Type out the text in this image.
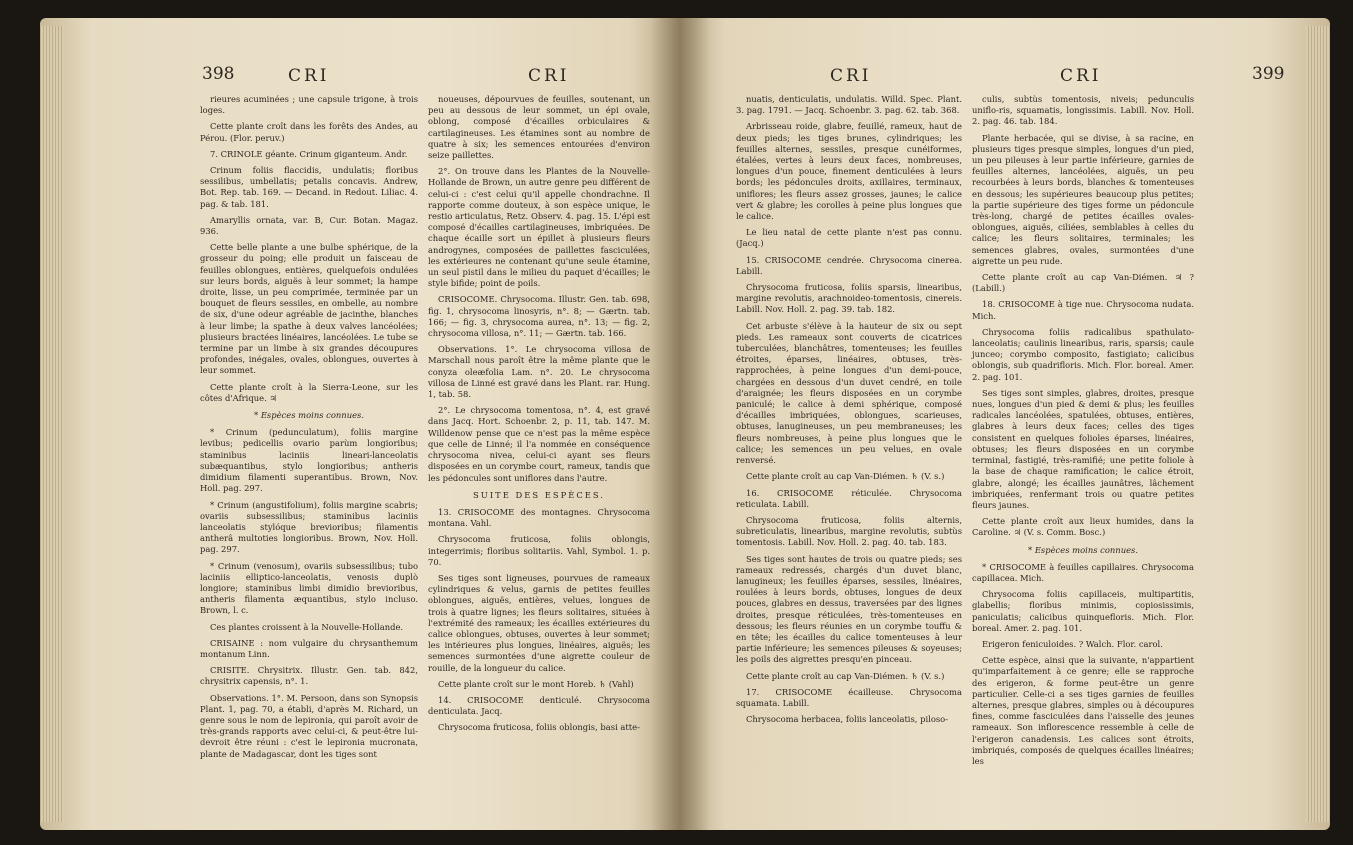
398	CRI	CRI

rieures acuminées ; une capsule trigone, à trois loges.

Cette plante croît dans les forêts des Andes, au Pérou. (Flor. peruv.)

7. CRINOLE géante. Crinum giganteum. Andr.

Crinum foliis flaccidis, undulatis; floribus sessilibus, umbellatis; petalis concavis. Andrew, Bot. Rep. tab. 169. — Decand. in Redout. Liliac. 4. pag. & tab. 181.

Amaryllis ornata, var. B, Cur. Botan. Magaz. 936.

Cette belle plante a une bulbe sphérique, de la grosseur du poing; elle produit un faisceau de feuilles oblongues, entières, quelquefois ondulées sur leurs bords, aiguës à leur sommet; la hampe droite, lisse, un peu comprimée, terminée par un bouquet de fleurs sessiles, en ombelle, au nombre de six, d'une odeur agréable de jacinthe, blanches à leur limbe; la spathe à deux valves lancéolées; plusieurs bractées linéaires, lancéolées. Le tube se termine par un limbe à six grandes découpures profondes, inégales, ovales, oblongues, ouvertes à leur sommet.

Cette plante croît à la Sierra-Leone, sur les côtes d'Afrique. ♃

* Espèces moins connues.

* Crinum (pedunculatum), foliis margine levibus; pedicellis ovario parùm longioribus; staminibus laciniis lineari-lanceolatis subæquantibus, stylo longioribus; antheris dimidium filamenti superantibus. Brown, Nov. Holl. pag. 297.

* Crinum (angustifolium), foliis margine scabris; ovariis subsessilibus; staminibus laciniis lanceolatis stylóque brevioribus; filamentis antherâ multoties longioribus. Brown, Nov. Holl. pag. 297.

* Crinum (venosum), ovariis subsessilibus; tubo laciniis elliptico-lanceolatis, venosis duplò longiore; staminibus limbi dimidio brevioribus, antheris filamenta æquantibus, stylo incluso. Brown, l. c.

Ces plantes croissent à la Nouvelle-Hollande.

CRISAINE : nom vulgaire du chrysanthemum montanum Linn.

CRISITE. Chrysitrix. Illustr. Gen. tab. 842, chrysitrix capensis, n°. 1.

Observations. 1°. M. Persoon, dans son Synopsis Plant. 1, pag. 70, a établi, d'après M. Richard, un genre sous le nom de lepironia, qui paroît avoir de très-grands rapports avec celui-ci, & peut-être lui-devroit être réuni : c'est le lepironia mucronata, plante de Madagascar, dont les tiges sont

noueuses, dépourvues de feuilles, soutenant, un peu au dessous de leur sommet, un épi ovale, oblong, composé d'écailles orbiculaires & cartilagineuses. Les étamines sont au nombre de quatre à six; les semences entourées d'environ seize paillettes.

2°. On trouve dans les Plantes de la Nouvelle-Hollande de Brown, un autre genre peu différent de celui-ci : c'est celui qu'il appelle chondrachne. Il rapporte comme douteux, à son espèce unique, le restio articulatus, Retz. Observ. 4. pag. 15. L'épi est composé d'écailles cartilagineuses, imbriquées. De chaque écaille sort un épillet à plusieurs fleurs androgynes, composées de paillettes fasciculées, les extérieures ne contenant qu'une seule étamine, un seul pistil dans le milieu du paquet d'écailles; le style bifide; point de poils.

CRISOCOME. Chrysocoma. Illustr. Gen. tab. 698, fig. 1, chrysocoma linosyris, n°. 8; — Gærtn. tab. 166; — fig. 3, chrysocoma aurea, n°. 13; — fig. 2, chrysocoma villosa, n°. 11; — Gærtn. tab. 166.

Observations. 1°. Le chrysocoma villosa de Marschall nous paroît être la même plante que le conyza oleæfolia Lam. n°. 20. Le chrysocoma villosa de Linné est gravé dans les Plant. rar. Hung. 1, tab. 58.

2°. Le chrysocoma tomentosa, n°. 4, est gravé dans Jacq. Hort. Schoenbr. 2, p. 11, tab. 147. M. Willdenow pense que ce n'est pas la même espèce que celle de Linné; il l'a nommée en conséquence chrysocoma nivea, celui-ci ayant ses fleurs disposées en un corymbe court, rameux, tandis que les pédoncules sont uniflores dans l'autre.

SUITE DES ESPÈCES.

13. CRISOCOME des montagnes. Chrysocoma montana. Vahl.

Chrysocoma fruticosa, foliis oblongis, integerrimis; floribus solitariis. Vahl, Symbol. 1. p. 70.

Ses tiges sont ligneuses, pourvues de rameaux cylindriques & velus, garnis de petites feuilles oblongues, aiguës, entières, velues, longues de trois à quatre lignes; les fleurs solitaires, situées à l'extrémité des rameaux; les écailles extérieures du calice oblongues, obtuses, ouvertes à leur sommet; les intérieures plus longues, linéaires, aiguës; les semences surmontées d'une aigrette couleur de rouille, de la longueur du calice.

Cette plante croît sur le mont Horeb. ♄ (Vahl)

14. CRISOCOME denticulé. Chrysocoma denticulata. Jacq.

Chrysocoma fruticosa, foliis oblongis, basi atte-

CRI	CRI	399

nuatis, denticulatis, undulatis. Willd. Spec. Plant. 3. pag. 1791. — Jacq. Schoenbr. 3. pag. 62. tab. 368.

Arbrisseau roide, glabre, feuillé, rameux, haut de deux pieds; les tiges brunes, cylindriques; les feuilles alternes, sessiles, presque cunéiformes, étalées, vertes à leurs deux faces, nombreuses, longues d'un pouce, finement denticulées à leurs bords; les pédoncules droits, axillaires, terminaux, uniflores; les fleurs assez grosses, jaunes; le calice vert & glabre; les corolles à peine plus longues que le calice.

Le lieu natal de cette plante n'est pas connu. (Jacq.)

15. CRISOCOME cendrée. Chrysocoma cinerea. Labill.

Chrysocoma fruticosa, foliis sparsis, linearibus, margine revolutis, arachnoideo-tomentosis, cinereis. Labill. Nov. Holl. 2. pag. 39. tab. 182.

Cet arbuste s'élève à la hauteur de six ou sept pieds. Les rameaux sont couverts de cicatrices tuberculées, blanchâtres, tomenteuses; les feuilles étroites, éparses, linéaires, obtuses, très-rapprochées, à peine longues d'un demi-pouce, chargées en dessous d'un duvet cendré, en toile d'araignée; les fleurs disposées en un corymbe paniculé; le calice à demi sphérique, composé d'écailles imbriquées, oblongues, scarieuses, obtuses, lanugineuses, un peu membraneuses; les fleurs nombreuses, à peine plus longues que le calice; les semences un peu velues, en ovale renversé.

Cette plante croît au cap Van-Diémen. ♄ (V. s.)

16. CRISOCOME réticulée. Chrysocoma reticulata. Labill.

Chrysocoma fruticosa, foliis alternis, subreticulatis, linearibus, margine revolutis, subtùs tomentosis. Labill. Nov. Holl. 2. pag. 40. tab. 183.

Ses tiges sont hautes de trois ou quatre pieds; ses rameaux redressés, chargés d'un duvet blanc, lanugineux; les feuilles éparses, sessiles, linéaires, roulées à leurs bords, obtuses, longues de deux pouces, glabres en dessus, traversées par des lignes droites, presque réticulées, très-tomenteuses en dessous; les fleurs réunies en un corymbe touffu & en tête; les écailles du calice tomenteuses à leur partie inférieure; les semences pileuses & soyeuses; les poils des aigrettes presqu'en pinceau.

Cette plante croît au cap Van-Diémen. ♄ (V. s.)

17. CRISOCOME écailleuse. Chrysocoma squamata. Labill.

Chrysocoma herbacea, foliis lanceolatis, piloso-

culis, subtùs tomentosis, niveis; pedunculis uniflo-ris, squamatis, longissimis. Labill. Nov. Holl. 2. pag. 46. tab. 184.

Plante herbacée, qui se divise, à sa racine, en plusieurs tiges presque simples, longues d'un pied, un peu pileuses à leur partie inférieure, garnies de feuilles alternes, lancéolées, aiguës, un peu recourbées à leurs bords, blanches & tomenteuses en dessous; les supérieures beaucoup plus petites; la partie supérieure des tiges forme un pédoncule très-long, chargé de petites écailles ovales-oblongues, aiguës, ciliées, semblables à celles du calice; les fleurs solitaires, terminales; les semences glabres, ovales, surmontées d'une aigrette un peu rude.

Cette plante croît au cap Van-Diémen. ♃ ? (Labill.)

18. CRISOCOME à tige nue. Chrysocoma nudata. Mich.

Chrysocoma foliis radicalibus spathulato-lanceolatis; caulinis linearibus, raris, sparsis; caule junceo; corymbo composito, fastigiato; calicibus oblongis, sub quadrifloris. Mich. Flor. boreal. Amer. 2. pag. 101.

Ses tiges sont simples, glabres, droites, presque nues, longues d'un pied & demi & plus; les feuilles radicales lancéolées, spatulées, obtuses, entières, glabres à leurs deux faces; celles des tiges consistent en quelques folioles éparses, linéaires, obtuses; les fleurs disposées en un corymbe terminal, fastigié, très-ramifié; une petite foliole à la base de chaque ramification; le calice étroit, glabre, alongé; les écailles jaunâtres, lâchement imbriquées, renfermant trois ou quatre petites fleurs jaunes.

Cette plante croît aux lieux humides, dans la Caroline. ♃ (V. s. Comm. Bosc.)

* Espèces moins connues.

* CRISOCOME à feuilles capillaires. Chrysocoma capillacea. Mich.

Chrysocoma foliis capillaceis, multipartitis, glabellis; floribus minimis, copiosissimis, paniculatis; calicibus quinquefloris. Mich. Flor. boreal. Amer. 2. pag. 101.

Erigeron feniculoides. ? Walch. Flor. carol.

Cette espèce, ainsi que la suivante, n'appartient qu'imparfaitement à ce genre; elle se rapproche des erigeron, & forme peut-être un genre particulier. Celle-ci a ses tiges garnies de feuilles alternes, presque glabres, simples ou à découpures fines, comme fasciculées dans l'aisselle des jeunes rameaux. Son inflorescence ressemble à celle de l'erigeron canadensis. Les calices sont étroits, imbriqués, composés de quelques écailles linéaires; les
